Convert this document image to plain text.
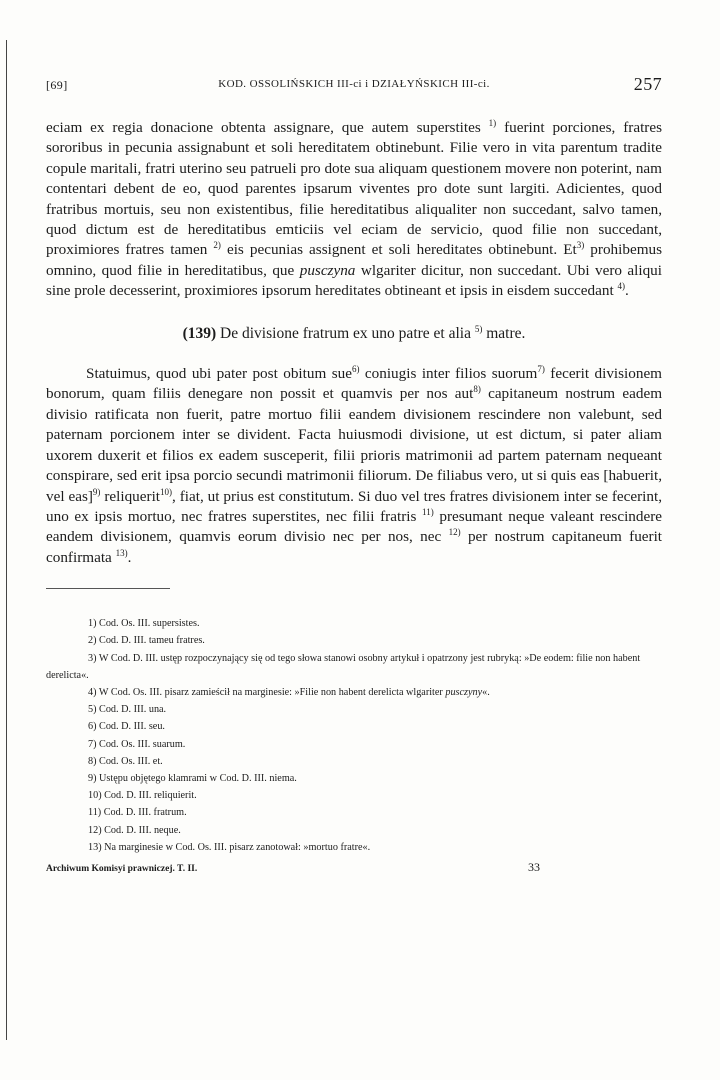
[69]	KOD. OSSOLIŃSKICH III-ci i DZIAŁYŃSKICH III-ci.	257

eciam ex regia donacione obtenta assignare, que autem superstites $^{1)}$ fuerint porciones, fratres sororibus in pecunia assignabunt et soli hereditatem obtinebunt. Filie vero in vita parentum tradite copule maritali, fratri uterino seu patrueli pro dote sua aliquam questionem movere non poterint, nam contentari debent de eo, quod parentes ipsarum viventes pro dote sunt largiti. Adicientes, quod fratribus mortuis, seu non existentibus, filie hereditatibus aliqualiter non succedant, salvo tamen, quod dictum est de hereditatibus emticiis vel eciam de servicio, quod filie non succedant, proximiores fratres tamen $^{2)}$ eis pecunias assignent et soli hereditates obtinebunt. Et$^{3)}$ prohibemus omnino, quod filie in hereditatibus, que pusczyna wlgariter dicitur, non succedant. Ubi vero aliqui sine prole decesserint, proximiores ipsorum hereditates obtineant et ipsis in eisdem succedant $^{4)}$.

(139) De divisione fratrum ex uno patre et alia $^{5)}$ matre.

Statuimus, quod ubi pater post obitum sue$^{6)}$ coniugis inter filios suorum$^{7)}$ fecerit divisionem bonorum, quam filiis denegare non possit et quamvis per nos aut$^{8)}$ capitaneum nostrum eadem divisio ratificata non fuerit, patre mortuo filii eandem divisionem rescindere non valebunt, sed paternam porcionem inter se divident. Facta huiusmodi divisione, ut est dictum, si pater aliam uxorem duxerit et filios ex eadem susceperit, filii prioris matrimonii ad partem paternam nequeant conspirare, sed erit ipsa porcio secundi matrimonii filiorum. De filiabus vero, ut si quis eas [habuerit, vel eas]$^{9)}$ reliquerit$^{10)}$, fiat, ut prius est constitutum. Si duo vel tres fratres divisionem inter se fecerint, uno ex ipsis mortuo, nec fratres superstites, nec filii fratris $^{11)}$ presumant neque valeant rescindere eandem divisionem, quamvis eorum divisio nec per nos, nec $^{12)}$ per nostrum capitaneum fuerit confirmata $^{13)}$.

1) Cod. Os. III. supersistes.
2) Cod. D. III. tameu fratres.
3) W Cod. D. III. ustęp rozpoczynający się od tego słowa stanowi osobny artykuł i opatrzony jest rubryką: »De eodem: filie non habent derelicta«.
4) W Cod. Os. III. pisarz zamieścił na marginesie: »Filie non habent derelicta wlgariter pusczyny«.
5) Cod. D. III. una.
6) Cod. D. III. seu.
7) Cod. Os. III. suarum.
8) Cod. Os. III. et.
9) Ustępu objętego klamrami w Cod. D. III. niema.
10) Cod. D. III. reliquierit.
11) Cod. D. III. fratrum.
12) Cod. D. III. neque.
13) Na marginesie w Cod. Os. III. pisarz zanotował: »mortuo fratre«.
Archiwum Komisyi prawniczej. T. II.	33
